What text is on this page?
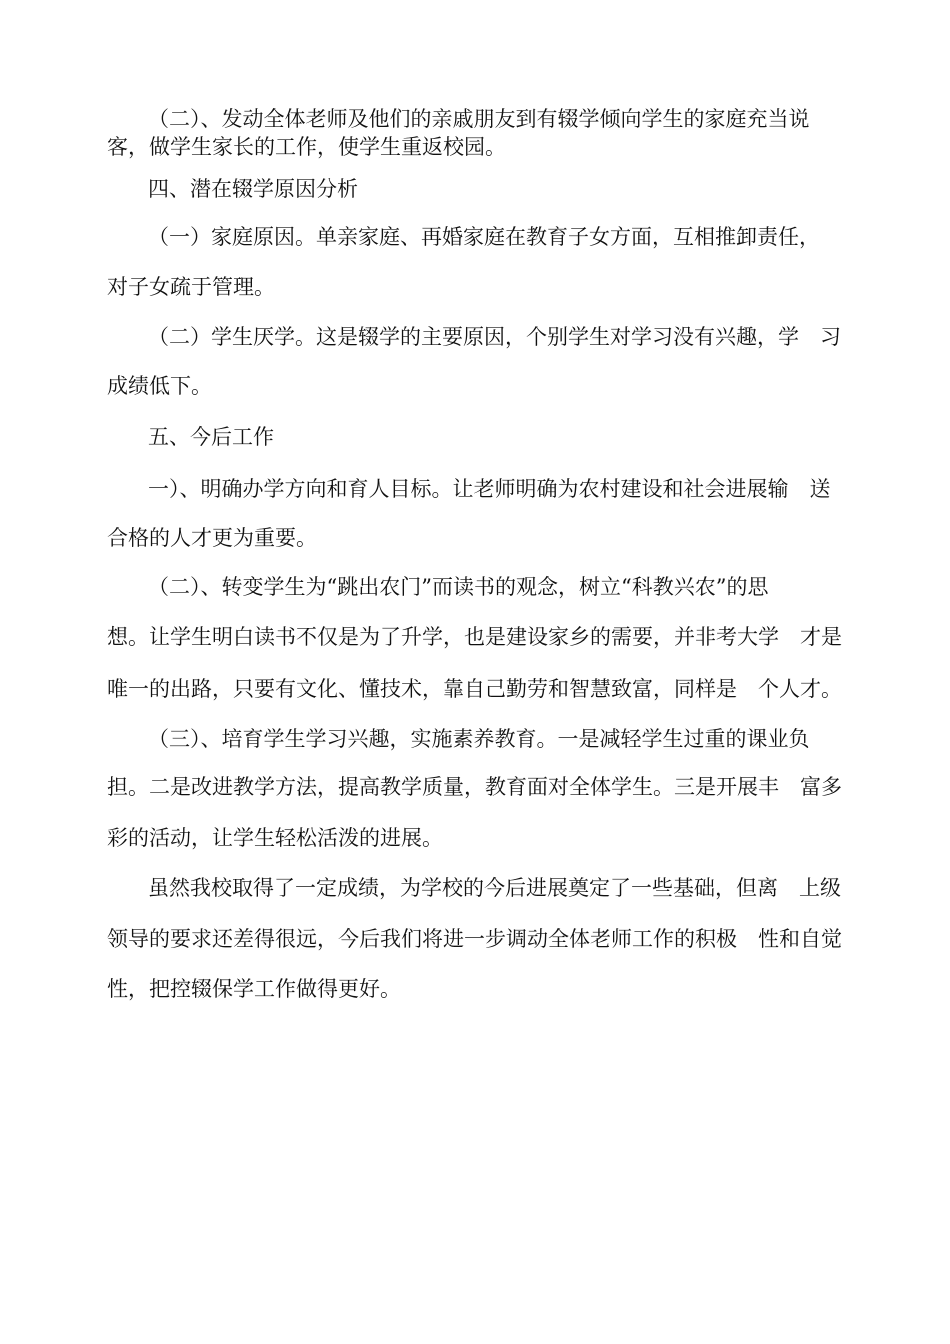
（二）、发动全体老师及他们的亲戚朋友到有辍学倾向学生的家庭充当说
客，做学生家长的工作，使学生重返校园。
四、潜在辍学原因分析
（一）家庭原因。单亲家庭、再婚家庭在教育子女方面，互相推卸责任，
对子女疏于管理。
（二）学生厌学。这是辍学的主要原因，个别学生对学习没有兴趣，学　习
成绩低下。
五、今后工作
一）、明确办学方向和育人目标。让老师明确为农村建设和社会进展输　送
合格的人才更为重要。
（二）、转变学生为“跳出农门”而读书的观念，树立“科教兴农”的思
想。让学生明白读书不仅是为了升学，也是建设家乡的需要，并非考大学　才是
唯一的出路，只要有文化、懂技术，靠自己勤劳和智慧致富，同样是　个人才。
（三）、培育学生学习兴趣，实施素养教育。一是减轻学生过重的课业负
担。二是改进教学方法，提高教学质量，教育面对全体学生。三是开展丰　富多
彩的活动，让学生轻松活泼的进展。
虽然我校取得了一定成绩，为学校的今后进展奠定了一些基础，但离　上级
领导的要求还差得很远，今后我们将进一步调动全体老师工作的积极　性和自觉
性，把控辍保学工作做得更好。
